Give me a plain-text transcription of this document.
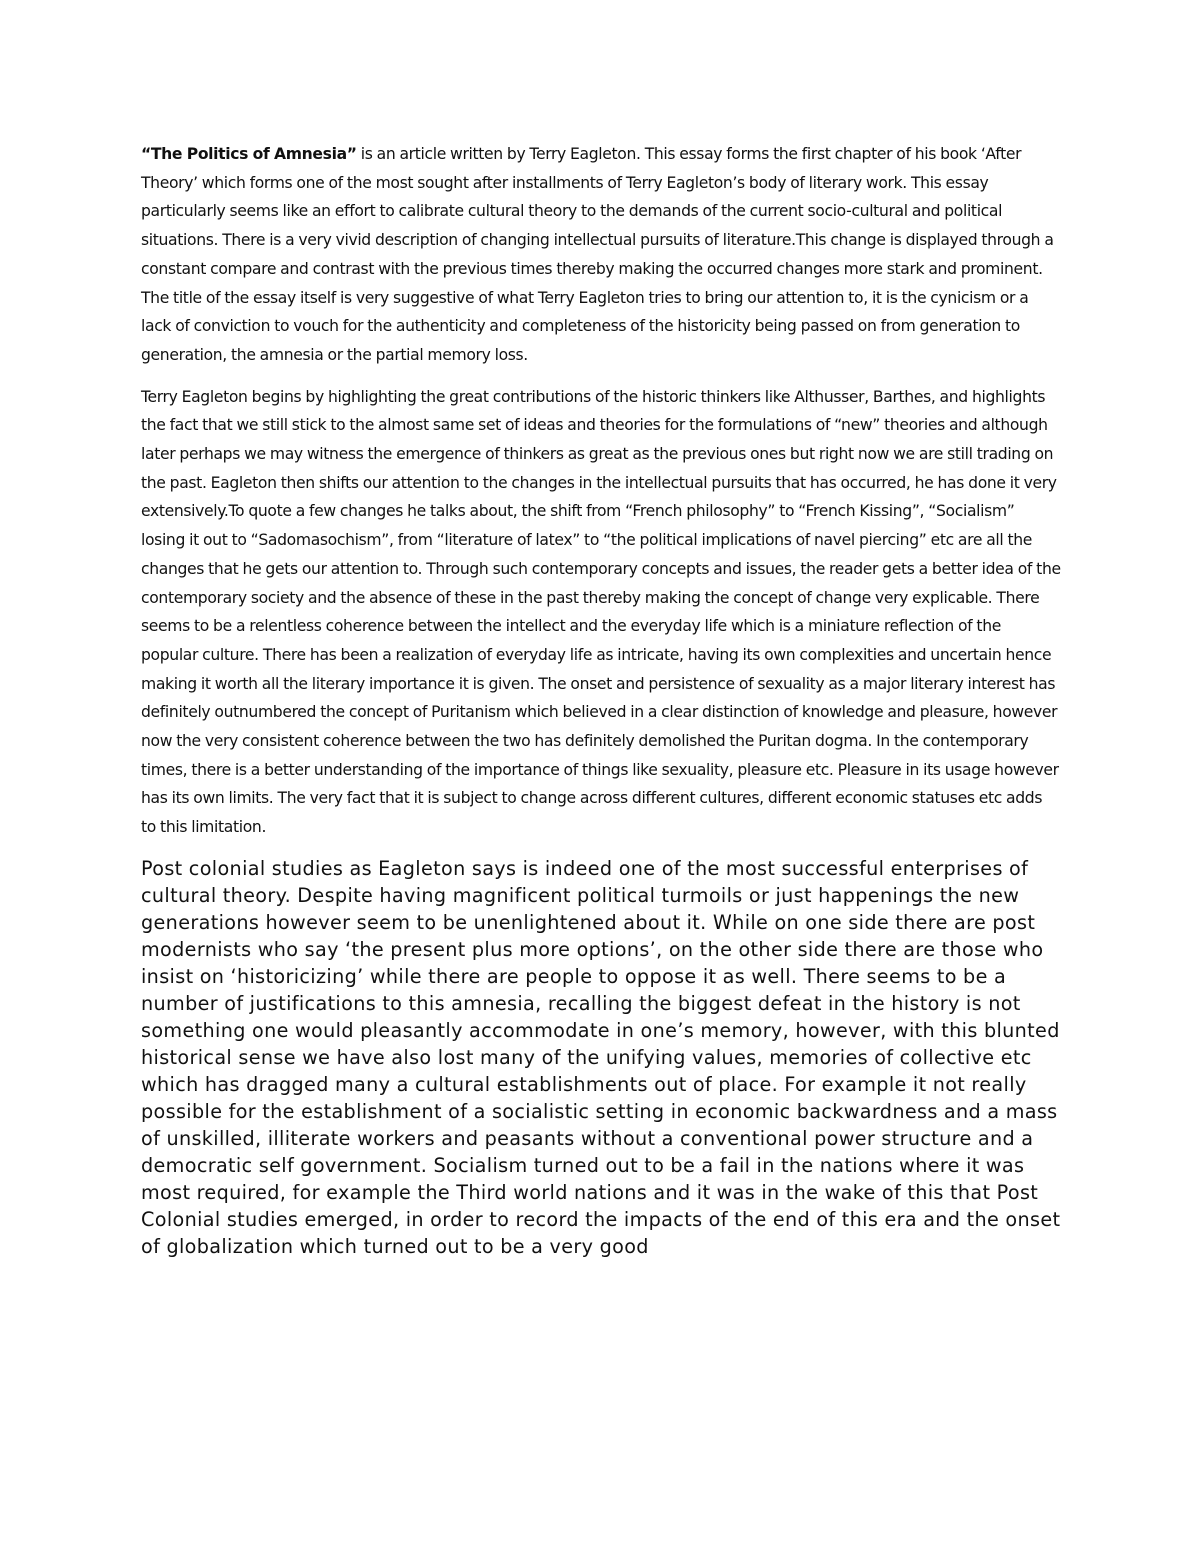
“The Politics of Amnesia” is an article written by Terry Eagleton. This essay forms the first chapter of his book ‘After Theory’ which forms one of the most sought after installments of Terry Eagleton’s body of literary work. This essay particularly seems like an effort to calibrate cultural theory to the demands of the current socio-cultural and political situations. There is a very vivid description of changing intellectual pursuits of literature.This change is displayed through a constant compare and contrast with the previous times thereby making the occurred changes more stark and prominent. The title of the essay itself is very suggestive of what Terry Eagleton tries to bring our attention to, it is the cynicism or a lack of conviction to vouch for the authenticity and completeness of the historicity being passed on from generation to generation, the amnesia or the partial memory loss.

Terry Eagleton begins by highlighting the great contributions of the historic thinkers like Althusser, Barthes, and highlights the fact that we still stick to the almost same set of ideas and theories for the formulations of “new” theories and although later perhaps we may witness the emergence of thinkers as great as the previous ones but right now we are still trading on the past. Eagleton then shifts our attention to the changes in the intellectual pursuits that has occurred, he has done it very extensively.To quote a few changes he talks about, the shift from “French philosophy” to “French Kissing”, “Socialism” losing it out to “Sadomasochism”, from “literature of latex” to “the political implications of navel piercing” etc are all the changes that he gets our attention to. Through such contemporary concepts and issues, the reader gets a better idea of the contemporary society and the absence of these in the past thereby making the concept of change very explicable. There seems to be a relentless coherence between the intellect and the everyday life which is a miniature reflection of the popular culture. There has been a realization of everyday life as intricate, having its own complexities and uncertain hence making it worth all the literary importance it is given. The onset and persistence of sexuality as a major literary interest has definitely outnumbered the concept of Puritanism which believed in a clear distinction of knowledge and pleasure, however now the very consistent coherence between the two has definitely demolished the Puritan dogma. In the contemporary times, there is a better understanding of the importance of things like sexuality, pleasure etc. Pleasure in its usage however has its own limits. The very fact that it is subject to change across different cultures, different economic statuses etc adds to this limitation.

Post colonial studies as Eagleton says is indeed one of the most successful enterprises of cultural theory. Despite having magnificent political turmoils or just happenings the new generations however seem to be unenlightened about it. While on one side there are post modernists who say ‘the present plus more options’, on the other side there are those who insist on ‘historicizing’ while there are people to oppose it as well. There seems to be a number of justifications to this amnesia, recalling the biggest defeat in the history is not something one would pleasantly accommodate in one’s memory, however, with this blunted historical sense we have also lost many of the unifying values, memories of collective etc which has dragged many a cultural establishments out of place. For example it not really possible for the establishment of a socialistic setting in economic backwardness and a mass of unskilled, illiterate workers and peasants without a conventional power structure and a democratic self government. Socialism turned out to be a fail in the nations where it was most required, for example the Third world nations and it was in the wake of this that Post Colonial studies emerged, in order to record the impacts of the end of this era and the onset of globalization which turned out to be a very good
